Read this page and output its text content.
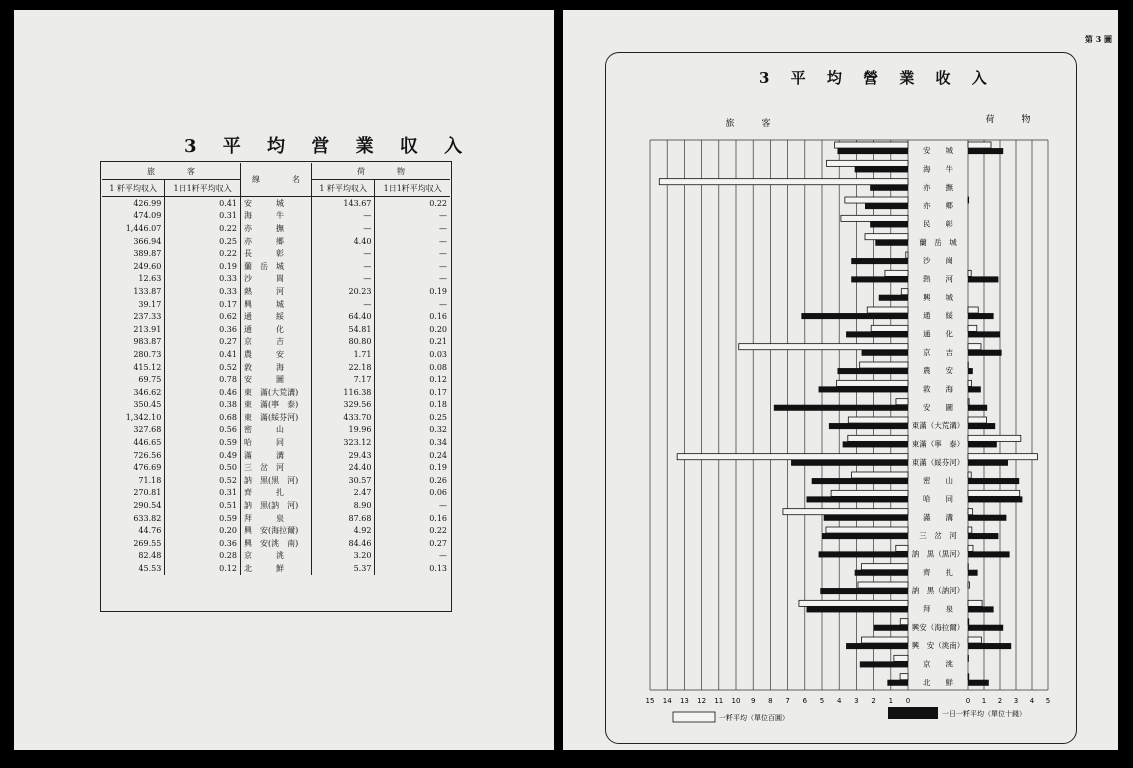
3 平 均 営 業 収 入
旅　　　　客		線　　　　名	荷　　　　物	
1 粁平均収入	1日1粁平均収入		1 粁平均収入	1日1粁平均収入
426.99	0.41	安　　　城	143.67	0.22
474.09	0.31	海　　　牛	—	—
1,446.07	0.22	亦　　　撫	—	—
366.94	0.25	亦　　　郷	4.40	—
389.87	0.22	長　　　彰	—	—
249.60	0.19	蘭　岳　城	—	—
12.63	0.33	沙　　　崗	—	—
133.87	0.33	熱　　　河	20.23	0.19
39.17	0.17	興　　　城	—	—
237.33	0.62	通　　　綏	64.40	0.16
213.91	0.36	通　　　化	54.81	0.20
983.87	0.27	京　　　吉	80.80	0.21
280.73	0.41	農　　　安	1.71	0.03
415.12	0.52	敦　　　海	22.18	0.08
69.75	0.78	安　　　圖	7.17	0.12
346.62	0.46	東　滿(大荒溝)	116.38	0.17
350.45	0.38	東　滿(寧　泰)	329.56	0.18
1,342.10	0.68	東　滿(綏芬河)	433.70	0.25
327.68	0.56	密　　　山	19.96	0.32
446.65	0.59	哈　　　同	323.12	0.34
726.56	0.49	滿　　　溝	29.43	0.24
476.69	0.50	三　岔　河	24.40	0.19
71.18	0.52	訥　黒(黒　河)	30.57	0.26
270.81	0.31	齊　　　扎	2.47	0.06
290.54	0.51	訥　黒(訥　河)	8.90	—
633.82	0.59	拜　　　泉	87.68	0.16
44.76	0.20	興　安(海拉爾)	4.92	0.22
269.55	0.36	興　安(洮　南)	84.46	0.27
82.48	0.28	京　　　洮	3.20	—
45.53	0.12	北　　　鮮	5.37	0.13
第 3 圖
3 平 均 營 業 收 入
旅　　　客	荷　　　物
15 14 13 12 11 10 9 8 7 6 5 4 3 2 1 0	0 1 2 3 4 5
安　　城
海　　牛
亦　　撫
亦　　郷
民　　彰
蘭　岳　城
沙　　崗
熱　　河
興　　城
通　　綏
通　　化
京　　吉
農　　安
敦　　海
安　　圖
東滿（大荒溝）
東滿（寧　泰）
東滿（綏芬河）
密　　山
哈　　同
滿　　溝
三　岔　河
訥　黒（黒河）
齊　　扎
訥　黒（訥河）
拜　　泉
興安（海拉爾）
興　安（洮南）
京　　洮
北　　鮮
一粁平均（單位百圓）	一日一粁平均（單位十錢）
